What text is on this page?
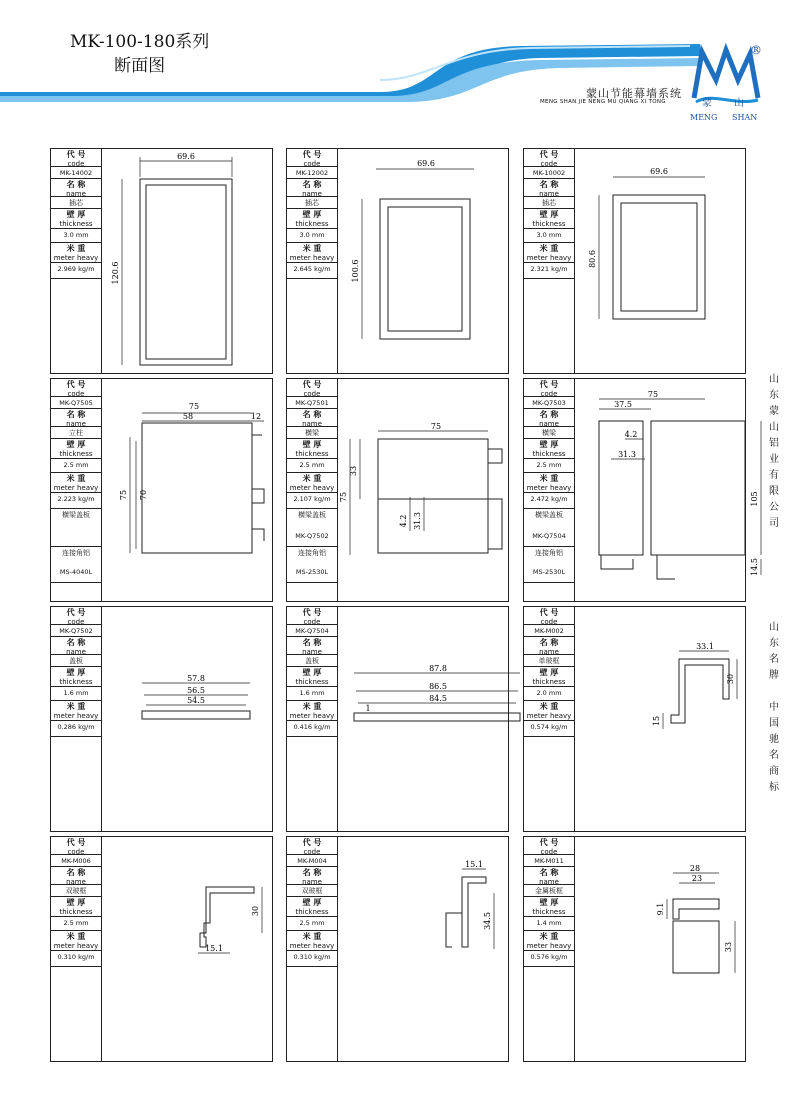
MK-100-180系列
断面图
蒙山节能幕墙系统
MENG SHAN JIE NENG MU QIANG XI TONG	蒙 山
MENG SHAN
®
山
东
蒙
山
铝
业
有
限
公
司
山
东
名
牌
中
国
驰
名
商
标
代 号
code
MK-14002
名 称
name
插芯
壁 厚
thickness
3.0 mm
米 重
meter heavy
2.969 kg/m
69.6
120.6
代 号
code
MK-12002
名 称
name
插芯
壁 厚
thickness
3.0 mm
米 重
meter heavy
2.645 kg/m
69.6
100.6
代 号
code
MK-10002
名 称
name
插芯
壁 厚
thickness
3.0 mm
米 重
meter heavy
2.321 kg/m
69.6
80.6
代 号
code
MK-Q7505
名 称
name
立柱
壁 厚
thickness
2.5 mm
米 重
meter heavy
2.223 kg/m
横梁盖板
连接角铝
MS-4040L
75
58	12
75 70
代 号
code
MK-Q7501
名 称
name
横梁
壁 厚
thickness
2.5 mm
米 重
meter heavy
2.107 kg/m
横梁盖板
MK-Q7502
连接角铝
MS-2530L
75
33
75
4.2 31.3
代 号
code
MK-Q7503
名 称
name
横梁
壁 厚
thickness
2.5 mm
米 重
meter heavy
2.472 kg/m
横梁盖板
MK-Q7504
连接角铝
MS-2530L
75
37.5
4.2
31.3
105
14.5
代 号
code
MK-Q7502
名 称
name
盖板
壁 厚
thickness
1.6 mm
米 重
meter heavy
0.286 kg/m
57.8
56.5
54.5
代 号
code
MK-Q7504
名 称
name
盖板
壁 厚
thickness
1.6 mm
米 重
meter heavy
0.416 kg/m
87.8
86.5
84.5
1
代 号
code
MK-M002
名 称
name
单玻框
壁 厚
thickness
2.0 mm
米 重
meter heavy
0.574 kg/m
33.1
30
15
代 号
code
MK-M006
名 称
name
双玻框
壁 厚
thickness
2.5 mm
米 重
meter heavy
0.310 kg/m
30
15.1
代 号
code
MK-M004
名 称
name
双玻框
壁 厚
thickness
2.5 mm
米 重
meter heavy
0.310 kg/m
15.1
34.5
代 号
code
MK-M011
名 称
name
金属板框
壁 厚
thickness
1.4 mm
米 重
meter heavy
0.576 kg/m
28
23
9.1
33
